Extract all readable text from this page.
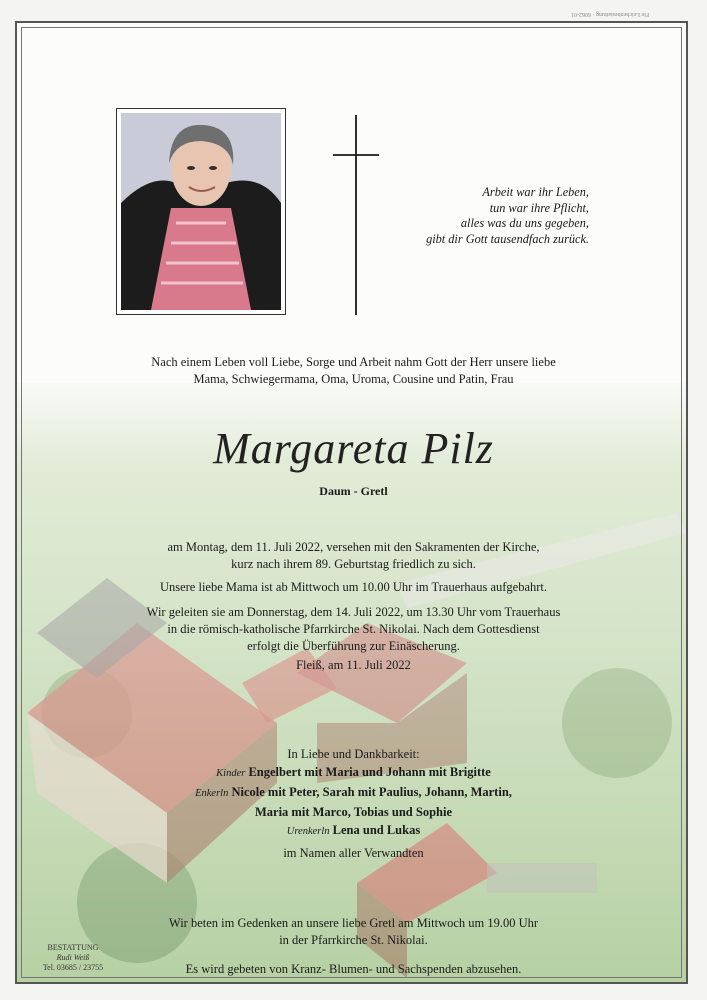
Fle Leichenbestattung · 6062-01
Arbeit war ihr Leben,
tun war ihre Pflicht,
alles was du uns gegeben,
gibt dir Gott tausendfach zurück.
Nach einem Leben voll Liebe, Sorge und Arbeit nahm Gott der Herr unsere liebe
Mama, Schwiegermama, Oma, Uroma, Cousine und Patin, Frau
Margareta Pilz
Daum - Gretl
am Montag, dem 11. Juli 2022, versehen mit den Sakramenten der Kirche,
kurz nach ihrem 89. Geburtstag friedlich zu sich.
Unsere liebe Mama ist ab Mittwoch um 10.00 Uhr im Trauerhaus aufgebahrt.
Wir geleiten sie am Donnerstag, dem 14. Juli 2022, um 13.30 Uhr vom Trauerhaus
in die römisch-katholische Pfarrkirche St. Nikolai. Nach dem Gottesdienst
erfolgt die Überführung zur Einäscherung.
Fleiß, am 11. Juli 2022
In Liebe und Dankbarkeit:
Kinder Engelbert mit Maria und Johann mit Brigitte
Enkerln Nicole mit Peter, Sarah mit Paulius, Johann, Martin,
Maria mit Marco, Tobias und Sophie
Urenkerln Lena und Lukas
im Namen aller Verwandten
Wir beten im Gedenken an unsere liebe Gretl am Mittwoch um 19.00 Uhr
in der Pfarrkirche St. Nikolai.
Es wird gebeten von Kranz- Blumen- und Sachspenden abzusehen.
BESTATTUNG
Rudi Weiß
Tel. 03685 / 23755
